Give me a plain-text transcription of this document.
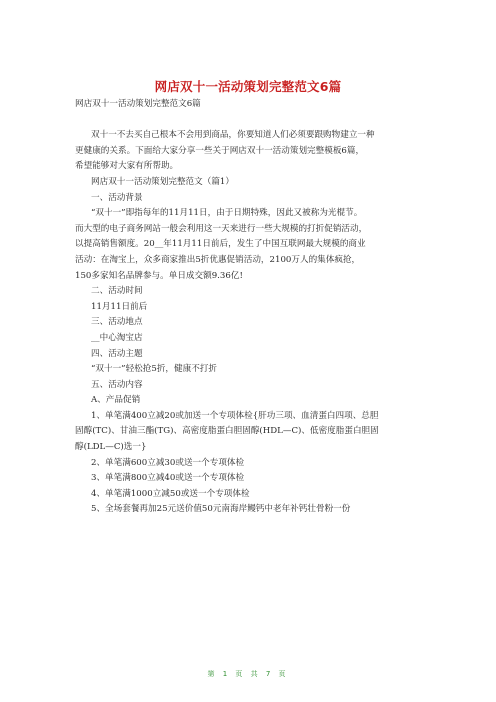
网店双十一活动策划完整范文6篇

网店双十一活动策划完整范文6篇

双十一不去买自己根本不会用到商品，你要知道人们必须要跟购物建立一种

更健康的关系。下面给大家分享一些关于网店双十一活动策划完整模板6篇，

希望能够对大家有所帮助。

网店双十一活动策划完整范文（篇1）

一、活动背景

“双十一”即指每年的11月11日，由于日期特殊，因此又被称为光棍节。

而大型的电子商务网站一般会利用这一天来进行一些大规模的打折促销活动，

以提高销售额度。20__年11月11日前后，发生了中国互联网最大规模的商业

活动：在淘宝上，众多商家推出5折优惠促销活动，2100万人的集体疯抢，

150多家知名品牌参与。单日成交额9.36亿!

二、活动时间

11月11日前后

三、活动地点

__中心淘宝店

四、活动主题

“双十一”轻松抢5折，健康不打折

五、活动内容

A、产品促销

1、单笔满400立减20或加送一个专项体检{肝功三项、血清蛋白四项、总胆

固醇(TC)、甘油三酯(TG)、高密度脂蛋白胆固醇(HDL—C)、低密度脂蛋白胆固

醇(LDL—C)选一}

2、单笔满600立减30或送一个专项体检

3、单笔满800立减40或送一个专项体检

4、单笔满1000立减50或送一个专项体检

5、全场套餐再加25元送价值50元南海岸鳗钙中老年补钙壮骨粉一份

第 1 页 共 7 页
